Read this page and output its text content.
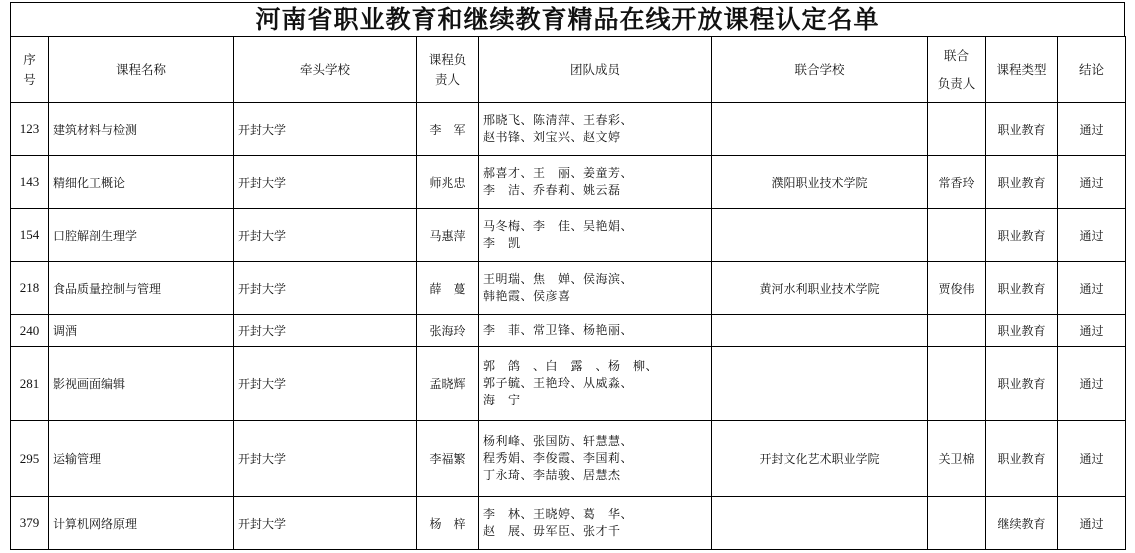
河南省职业教育和继续教育精品在线开放课程认定名单
序
号	课程名称	牵头学校	课程负
责人	团队成员	联合学校	联合
负责人	课程类型	结论
123	建筑材料与检测	开封大学	李　军	邢晓飞、陈清萍、王春彩、
赵书锋、刘宝兴、赵文婷			职业教育	通过
143	精细化工概论	开封大学	师兆忠	郝喜才、王　丽、姜童芳、
李　洁、乔春莉、姚云磊	濮阳职业技术学院	常香玲	职业教育	通过
154	口腔解剖生理学	开封大学	马惠萍	马冬梅、李　佳、吴艳娟、
李　凯			职业教育	通过
218	食品质量控制与管理	开封大学	薛　蔓	王明瑞、焦　婵、侯海滨、
韩艳霞、侯彦喜	黄河水利职业技术学院	贾俊伟	职业教育	通过
240	调酒	开封大学	张海玲	李　菲、常卫锋、杨艳丽、			职业教育	通过
281	影视画面编辑	开封大学	孟晓辉	郭　鸽　、白　露　、杨　柳、
郭子毓、王艳玲、从威淼、
海　宁			职业教育	通过
295	运输管理	开封大学	李福繁	杨利峰、张国防、轩慧慧、
程秀娟、李俊霞、李国莉、
丁永琦、李喆骏、居慧杰	开封文化艺术职业学院	关卫棉	职业教育	通过
379	计算机网络原理	开封大学	杨　梓	李　林、王晓婷、葛　华、
赵　展、毋军臣、张才千			继续教育	通过
